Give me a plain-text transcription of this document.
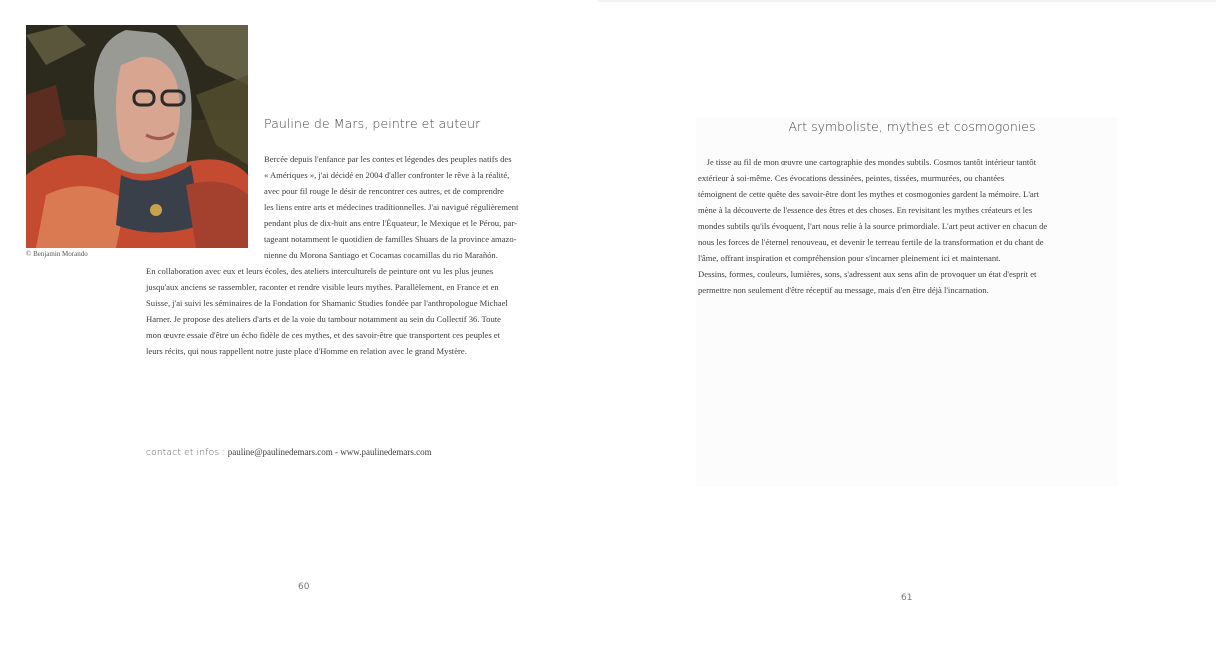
© Benjamin Morando
Pauline de Mars, peintre et auteur
Bercée depuis l'enfance par les contes et légendes des peuples natifs des
« Amériques », j'ai décidé en 2004 d'aller confronter le rêve à la réalité,
avec pour fil rouge le désir de rencontrer ces autres, et de comprendre
les liens entre arts et médecines traditionnelles. J'ai navigué régulièrement
pendant plus de dix-huit ans entre l'Équateur, le Mexique et le Pérou, par-
tageant notamment le quotidien de familles Shuars de la province amazo-
nienne du Morona Santiago et Cocamas cocamillas du rio Marañón.
En collaboration avec eux et leurs écoles, des ateliers interculturels de peinture ont vu les plus jeunes
jusqu'aux anciens se rassembler, raconter et rendre visible leurs mythes. Parallèlement, en France et en
Suisse, j'ai suivi les séminaires de la Fondation for Shamanic Studies fondée par l'anthropologue Michael
Harner. Je propose des ateliers d'arts et de la voie du tambour notamment au sein du Collectif 36. Toute
mon œuvre essaie d'être un écho fidèle de ces mythes, et des savoir-être que transportent ces peuples et
leurs récits, qui nous rappellent notre juste place d'Homme en relation avec le grand Mystère.
contact et infos : pauline@paulinedemars.com - www.paulinedemars.com
60
Art symboliste, mythes et cosmogonies
Je tisse au fil de mon œuvre une cartographie des mondes subtils. Cosmos tantôt intérieur tantôt
extérieur à soi-même. Ces évocations dessinées, peintes, tissées, murmurées, ou chantées
témoignent de cette quête des savoir-être dont les mythes et cosmogonies gardent la mémoire. L'art
mène à la découverte de l'essence des êtres et des choses. En revisitant les mythes créateurs et les
mondes subtils qu'ils évoquent, l'art nous relie à la source primordiale. L'art peut activer en chacun de
nous les forces de l'éternel renouveau, et devenir le terreau fertile de la transformation et du chant de
l'âme, offrant inspiration et compréhension pour s'incarner pleinement ici et maintenant.
Dessins, formes, couleurs, lumières, sons, s'adressent aux sens afin de provoquer un état d'esprit et
permettre non seulement d'être réceptif au message, mais d'en être déjà l'incarnation.
61
